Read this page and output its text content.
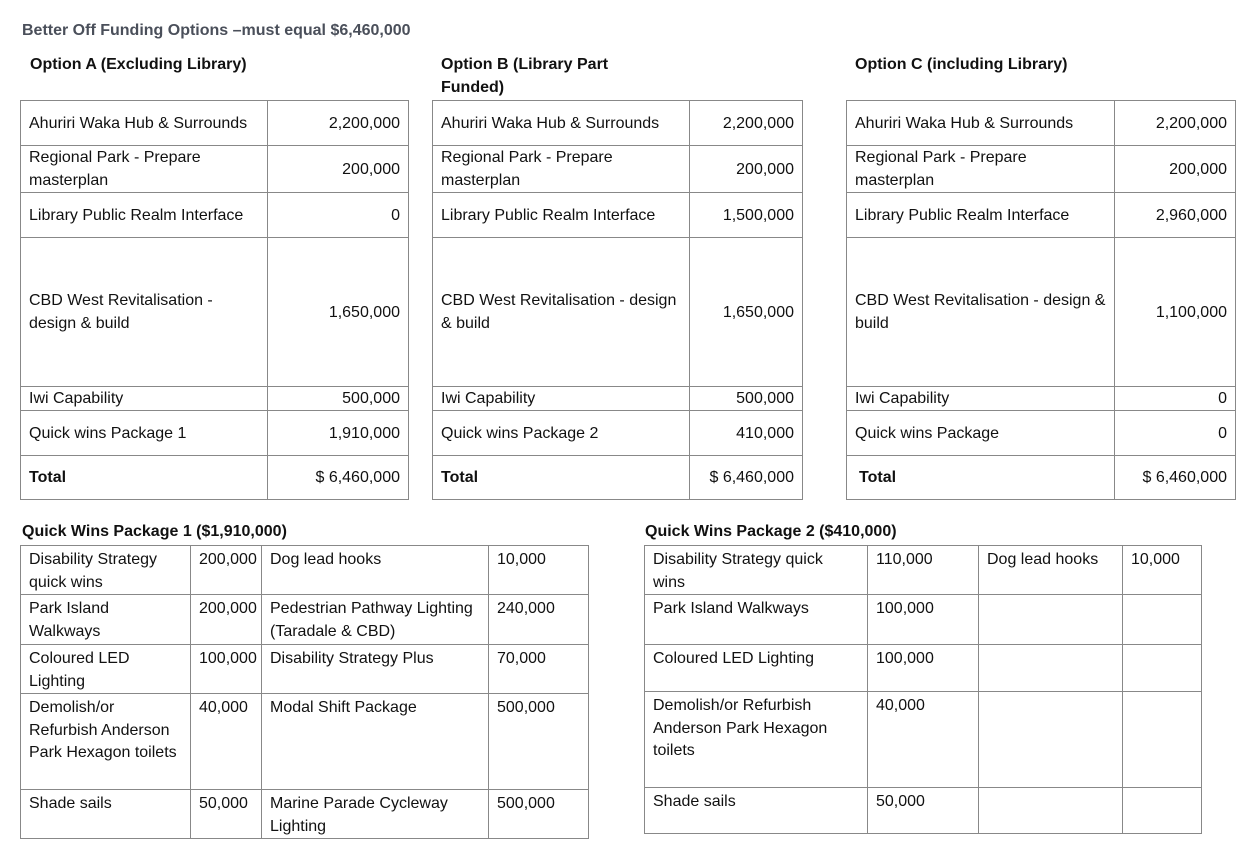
Better Off Funding Options –must equal $6,460,000
Option A (Excluding Library)
Ahuriri Waka Hub & Surrounds	2,200,000
Regional Park - Prepare masterplan	200,000
Library Public Realm Interface	0
CBD West Revitalisation - design & build	1,650,000
Iwi Capability	500,000
Quick wins Package 1	1,910,000
Total	$ 6,460,000
Option B (Library Part Funded)
Ahuriri Waka Hub & Surrounds	2,200,000
Regional Park - Prepare masterplan	200,000
Library Public Realm Interface	1,500,000
CBD West Revitalisation - design & build	1,650,000
Iwi Capability	500,000
Quick wins Package 2	410,000
Total	$ 6,460,000
Option C (including Library)
Ahuriri Waka Hub & Surrounds	2,200,000
Regional Park - Prepare masterplan	200,000
Library Public Realm Interface	2,960,000
CBD West Revitalisation - design & build	1,100,000
Iwi Capability	0
Quick wins Package	0
Total	$ 6,460,000
Quick Wins Package 1 ($1,910,000)
Disability Strategy quick wins	200,000	Dog lead hooks	10,000
Park Island Walkways	200,000	Pedestrian Pathway Lighting (Taradale & CBD)	240,000
Coloured LED Lighting	100,000	Disability Strategy Plus	70,000
Demolish/or Refurbish Anderson Park Hexagon toilets	40,000	Modal Shift Package	500,000
Shade sails	50,000	Marine Parade Cycleway Lighting	500,000
Quick Wins Package 2 ($410,000)
Disability Strategy quick wins	110,000	Dog lead hooks	10,000
Park Island Walkways	100,000		
Coloured LED Lighting	100,000		
Demolish/or Refurbish Anderson Park Hexagon toilets	40,000		
Shade sails	50,000		
